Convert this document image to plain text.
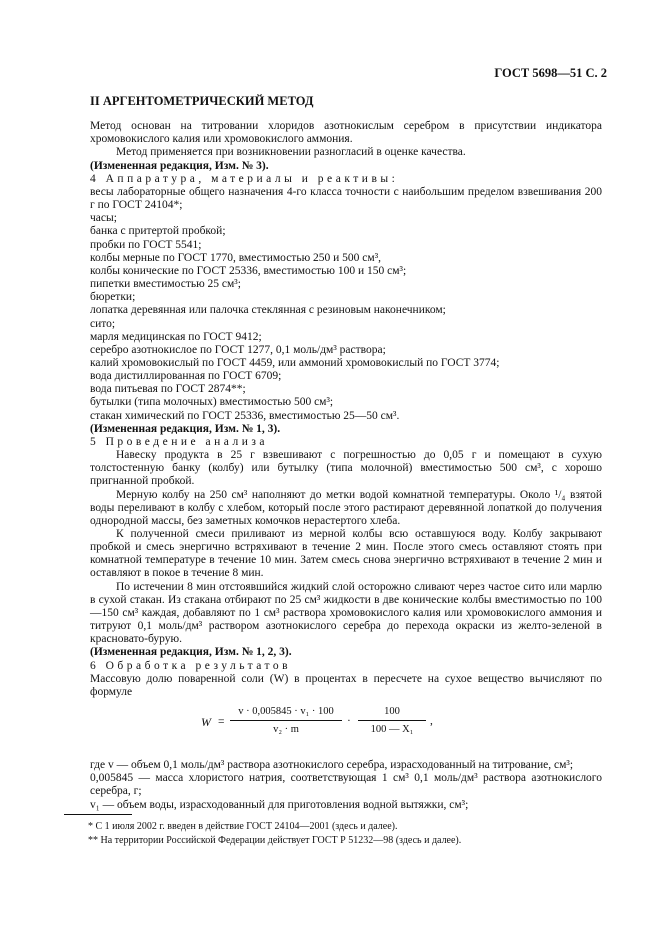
ГОСТ 5698—51 С. 2

II АРГЕНТОМЕТРИЧЕСКИЙ МЕТОД

Метод основан на титровании хлоридов азотнокислым серебром в присутствии индикатора хромовокислого калия или хромовокислого аммония.

Метод применяется при возникновении разногласий в оценке качества.

(Измененная редакция, Изм. № 3).

4 Аппаратура, материалы и реактивы:

весы лабораторные общего назначения 4-го класса точности с наибольшим пределом взвешивания 200 г по ГОСТ 24104*;

часы;

банка с притертой пробкой;

пробки по ГОСТ 5541;

колбы мерные по ГОСТ 1770, вместимостью 250 и 500 см³,

колбы конические по ГОСТ 25336, вместимостью 100 и 150 см³;

пипетки вместимостью 25 см³;

бюретки;

лопатка деревянная или палочка стеклянная с резиновым наконечником;

сито;

марля медицинская по ГОСТ 9412;

серебро азотнокислое по ГОСТ 1277, 0,1 моль/дм³ раствора;

калий хромовокислый по ГОСТ 4459, или аммоний хромовокислый по ГОСТ 3774;

вода дистиллированная по ГОСТ 6709;

вода питьевая по ГОСТ 2874**;

бутылки (типа молочных) вместимостью 500 см³;

стакан химический по ГОСТ 25336, вместимостью 25—50 см³.

(Измененная редакция, Изм. № 1, 3).

5 Проведение анализа

Навеску продукта в 25 г взвешивают с погрешностью до 0,05 г и помещают в сухую толстостенную банку (колбу) или бутылку (типа молочной) вместимостью 500 см³, с хорошо пригнанной пробкой.

Мерную колбу на 250 см³ наполняют до метки водой комнатной температуры. Около ¹/₄ взятой воды переливают в колбу с хлебом, который после этого растирают деревянной лопаткой до получения однородной массы, без заметных комочков нерастертого хлеба.

К полученной смеси приливают из мерной колбы всю оставшуюся воду. Колбу закрывают пробкой и смесь энергично встряхивают в течение 2 мин. После этого смесь оставляют стоять при комнатной температуре в течение 10 мин. Затем смесь снова энергично встряхивают в течение 2 мин и оставляют в покое в течение 8 мин.

По истечении 8 мин отстоявшийся жидкий слой осторожно сливают через частое сито или марлю в сухой стакан. Из стакана отбирают по 25 см³ жидкости в две конические колбы вместимостью по 100—150 см³ каждая, добавляют по 1 см³ раствора хромовокислого калия или хромовокислого аммония и титруют 0,1 моль/дм³ раствором азотнокислого серебра до перехода окраски из желто-зеленой в красновато-бурую.

(Измененная редакция, Изм. № 1, 2, 3).

6 Обработка результатов

Массовую долю поваренной соли (W) в процентах в пересчете на сухое вещество вычисляют по формуле

W =
v · 0,005845 · v₁ · 100
v₂ · m
·
100
100 — X₁
,

где v — объем 0,1 моль/дм³ раствора азотнокислого серебра, израсходованный на титрование, см³;

0,005845 — масса хлористого натрия, соответствующая 1 см³ 0,1 моль/дм³ раствора азотнокислого серебра, г;

v₁ — объем воды, израсходованный для приготовления водной вытяжки, см³;

* С 1 июля 2002 г. введен в действие ГОСТ 24104—2001 (здесь и далее).

** На территории Российской Федерации действует ГОСТ Р 51232—98 (здесь и далее).
